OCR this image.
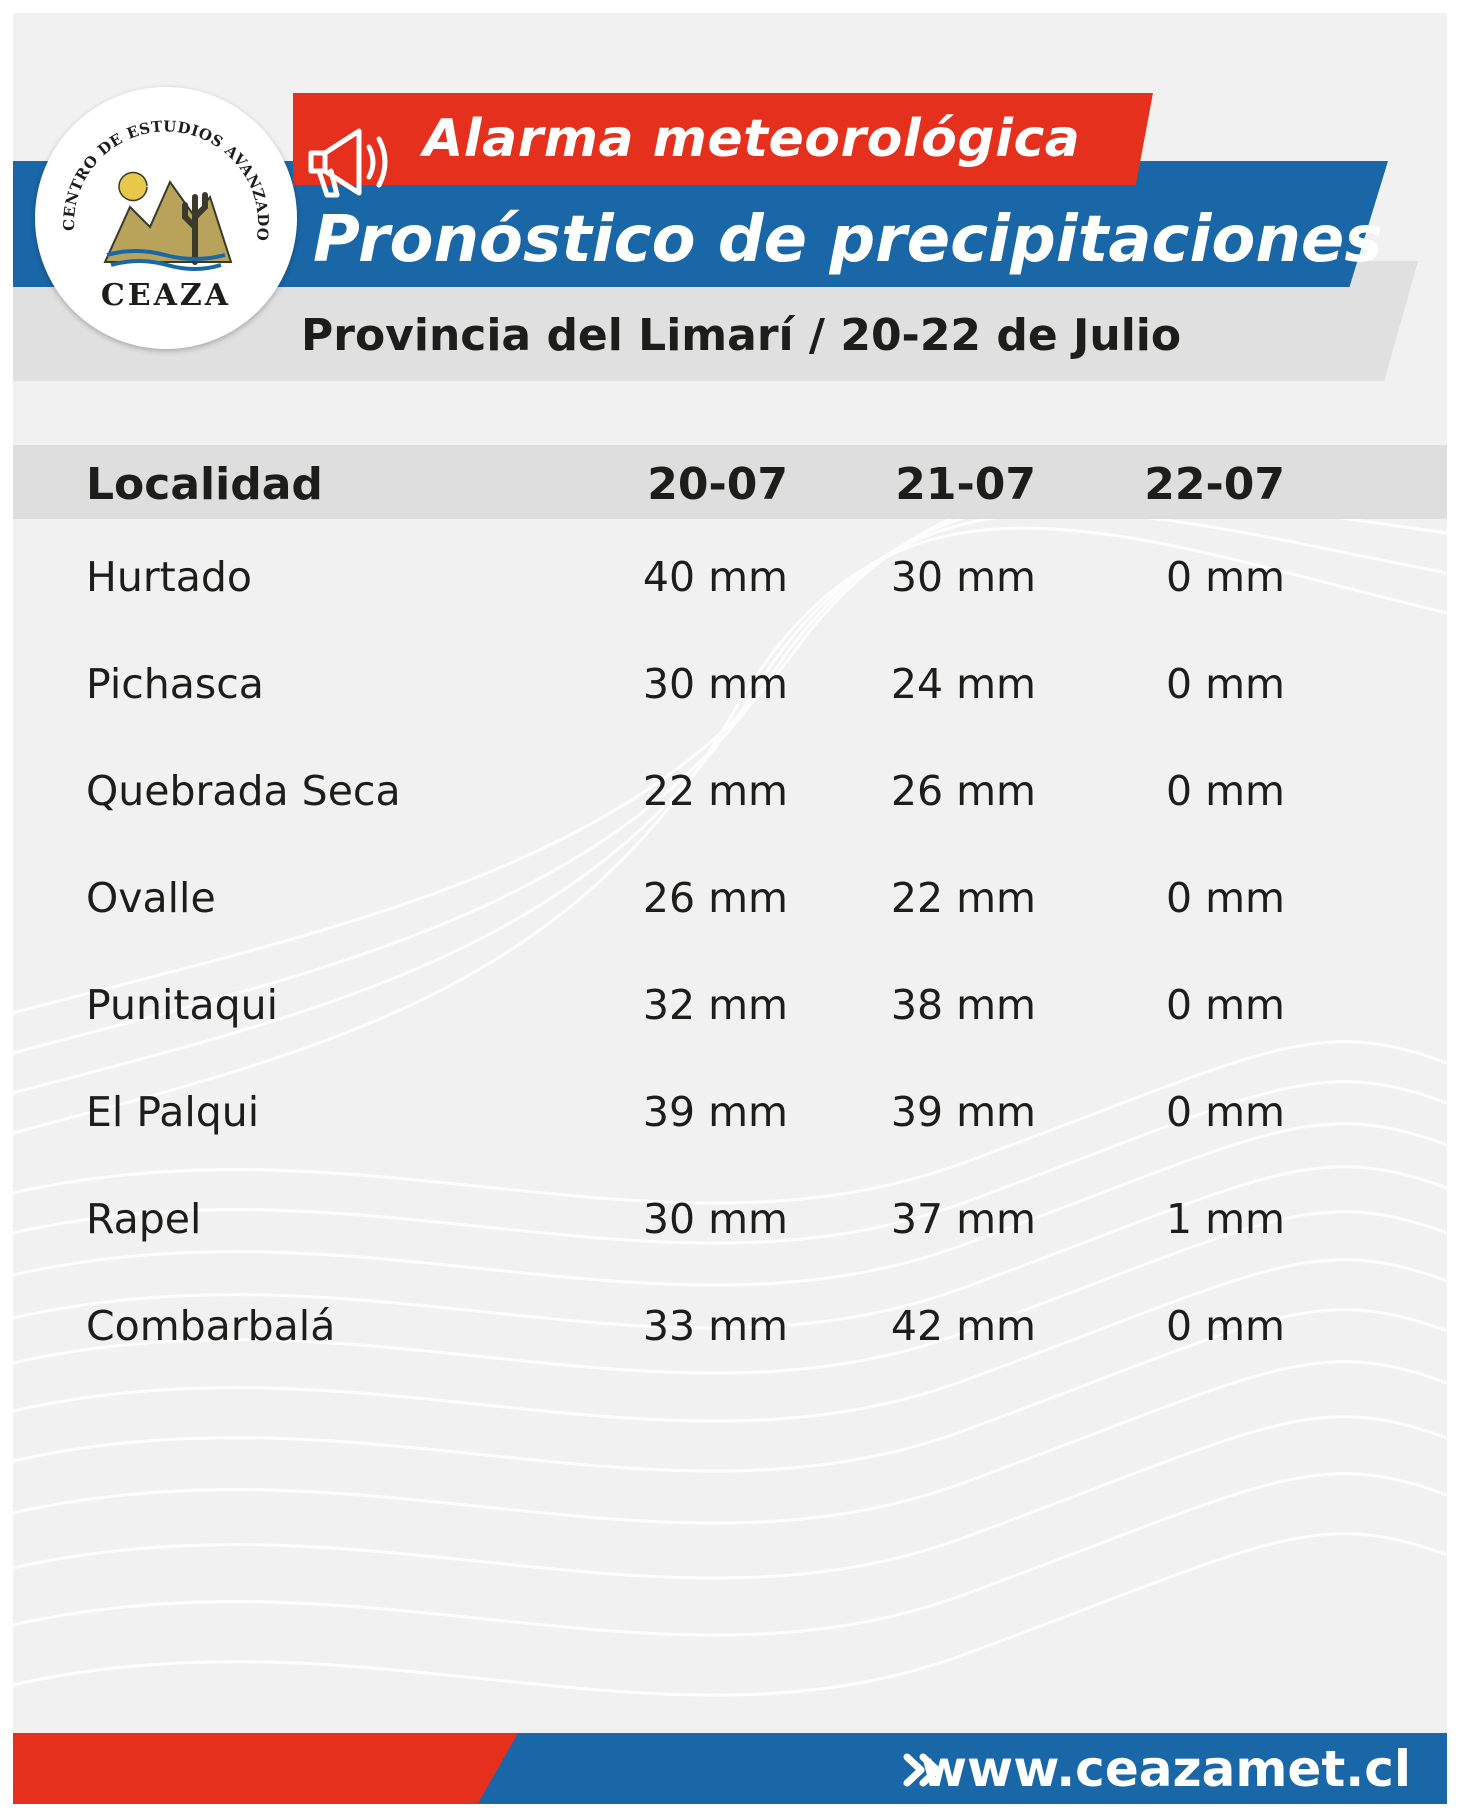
Alarma meteorológica

Pronóstico de precipitaciones

Provincia del Limarí / 20-22 de Julio

CENTRO DE ESTUDIOS AVANZADO
CEAZA

Localidad	20-07	21-07	22-07

Hurtado	40 mm	30 mm	0 mm

Pichasca	30 mm	24 mm	0 mm

Quebrada Seca	22 mm	26 mm	0 mm

Ovalle	26 mm	22 mm	0 mm

Punitaqui	32 mm	38 mm	0 mm

El Palqui	39 mm	39 mm	0 mm

Rapel	30 mm	37 mm	1 mm

Combarbalá	33 mm	42 mm	0 mm

www.ceazamet.cl
